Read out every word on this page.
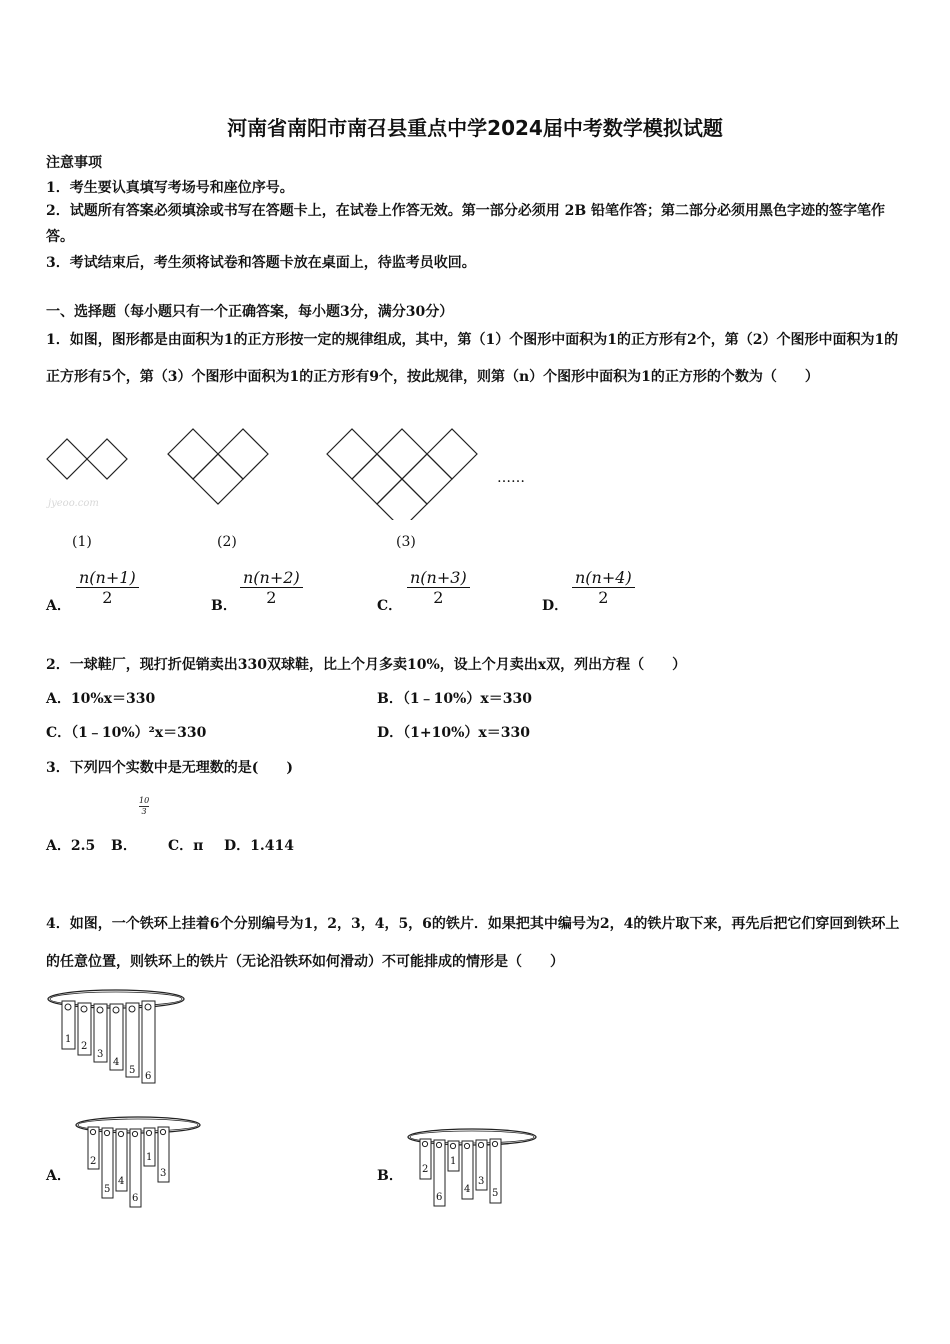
河南省南阳市南召县重点中学2024届中考数学模拟试题
注意事项
1．考生要认真填写考场号和座位序号。
2．试题所有答案必须填涂或书写在答题卡上，在试卷上作答无效。第一部分必须用 2B 铅笔作答；第二部分必须用黑色字迹的签字笔作答。
3．考试结束后，考生须将试卷和答题卡放在桌面上，待监考员收回。
一、选择题（每小题只有一个正确答案，每小题3分，满分30分）
1．如图，图形都是由面积为1的正方形按一定的规律组成，其中，第（1）个图形中面积为1的正方形有2个，第（2）个图形中面积为1的正方形有5个，第（3）个图形中面积为1的正方形有9个，按此规律，则第（n）个图形中面积为1的正方形的个数为（　　）
……
jyeoo.com
(1)	(2)	(3)
A． $\frac{n(n+1)}{2}$	B． $\frac{n(n+2)}{2}$	C． $\frac{n(n+3)}{2}$	D． $\frac{n(n+4)}{2}$
2．一球鞋厂，现打折促销卖出330双球鞋，比上个月多卖10%，设上个月卖出x双，列出方程（　　）
A．10%x＝330	B．（1﹣10%）x＝330
C．（1﹣10%）²x＝330	D．（1+10%）x＝330
3．下列四个实数中是无理数的是(　　)
10
3
A．2.5 B． C．π D．1.414
4．如图，一个铁环上挂着6个分别编号为1，2，3，4，5，6的铁片．如果把其中编号为2，4的铁片取下来，再先后把它们穿回到铁环上的任意位置，则铁环上的铁片（无论沿铁环如何滑动）不可能排成的情形是（　　）
1
2
3
4
5
6
A．
2
5
4
6
1
3	B． 2
6
1
4
3
5
